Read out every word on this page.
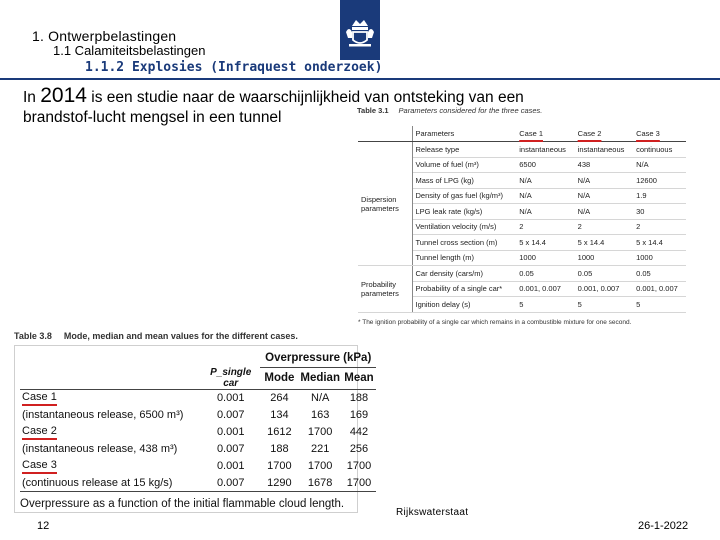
1. Ontwerpbelastingen
1.1 Calamiteitsbelastingen
1.1.2 Explosies (Infraquest onderzoek)
In 2014 is een studie naar de waarschijnlijkheid van ontsteking van een brandstof-lucht mengsel in een tunnel	Table 3.1 Parameters considered for the three cases.
	Parameters	Case 1	Case 2	Case 3
Dispersion parameters	Release type	instantaneous	instantaneous	continuous
	Volume of fuel (m³)	6500	438	N/A
	Mass of LPG (kg)	N/A	N/A	12600
	Density of gas fuel (kg/m³)	N/A	N/A	1.9
	LPG leak rate (kg/s)	N/A	N/A	30
	Ventilation velocity (m/s)	2	2	2
	Tunnel cross section (m)	5 x 14.4	5 x 14.4	5 x 14.4
	Tunnel length (m)	1000	1000	1000
Probability parameters	Car density (cars/m)	0.05	0.05	0.05
	Probability of a single car*	0.001, 0.007	0.001, 0.007	0.001, 0.007
	Ignition delay (s)	5	5	5
* The ignition probability of a single car which remains in a combustible mixture for one second.
Table 3.8 Mode, median and mean values for the different cases.
		Overpressure (kPa)		
	P_single car	Mode	Median	Mean
Case 1	0.001	264	N/A	188
(instantaneous release, 6500 m³)	0.007	134	163	169
Case 2	0.001	1612	1700	442
(instantaneous release, 438 m³)	0.007	188	221	256
Case 3	0.001	1700	1700	1700
(continuous release at 15 kg/s)	0.007	1290	1678	1700
Overpressure as a function of the initial flammable cloud length.
12
Rijkswaterstaat
26-1-2022
